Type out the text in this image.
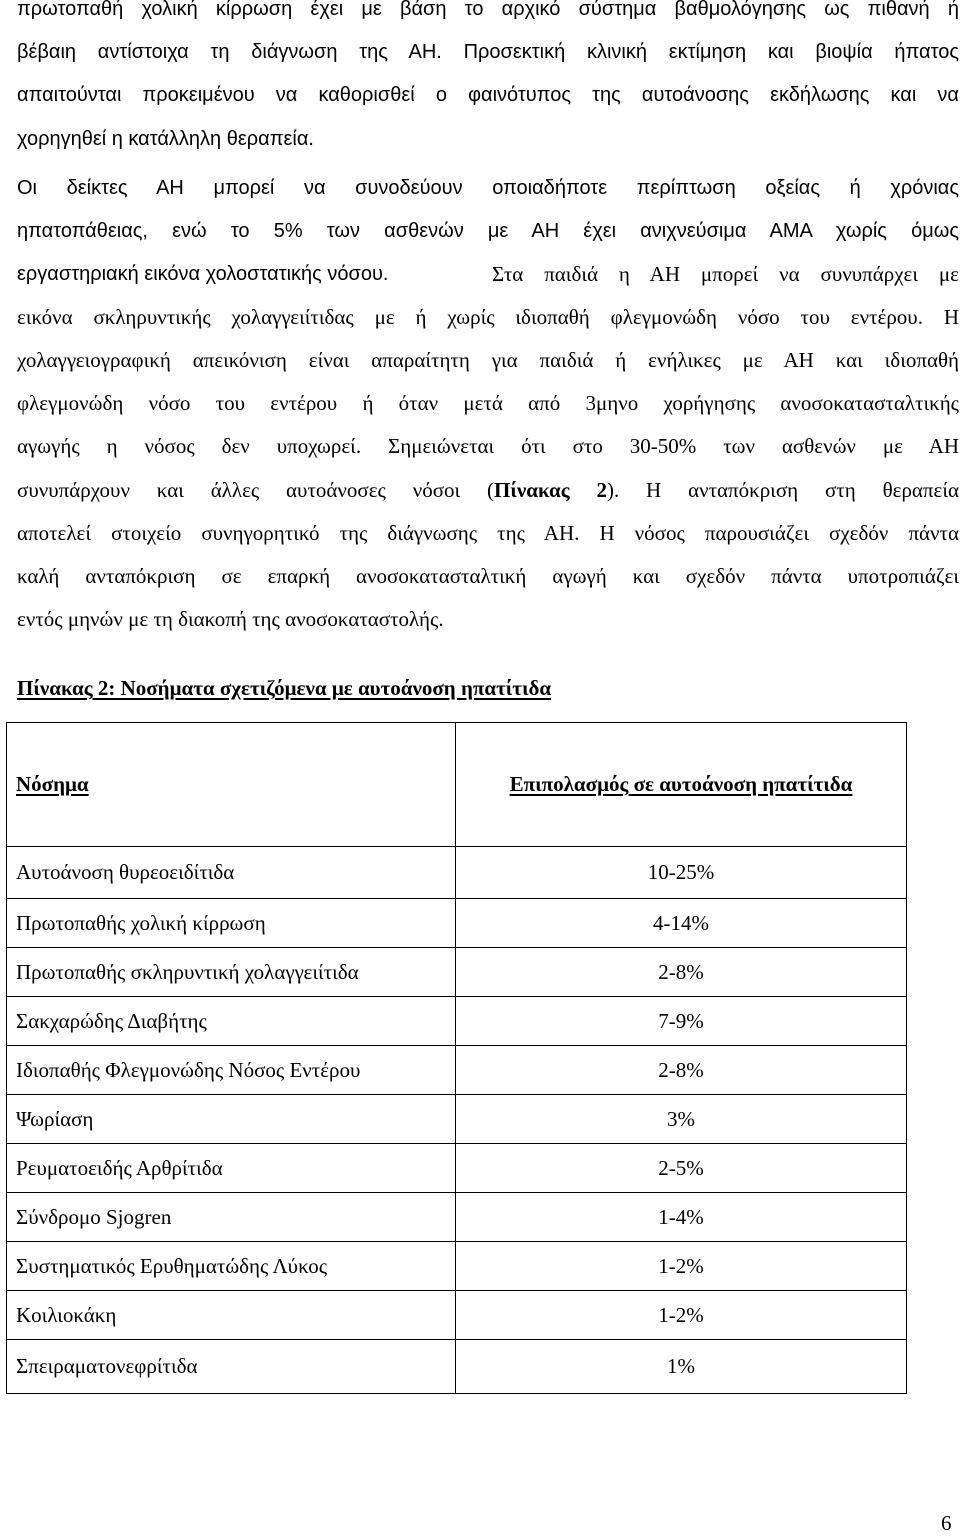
πρωτοπαθή χολική κίρρωση έχει με βάση το αρχικό σύστημα βαθμολόγησης ως πιθανή ή

βέβαιη αντίστοιχα τη διάγνωση της ΑΗ. Προσεκτική κλινική εκτίμηση και βιοψία ήπατος

απαιτούνται προκειμένου να καθορισθεί ο φαινότυπος της αυτοάνοσης εκδήλωσης και να

χορηγηθεί η κατάλληλη θεραπεία.

Οι δείκτες ΑΗ μπορεί να συνοδεύουν οποιαδήποτε περίπτωση οξείας ή χρόνιας

ηπατοπάθειας, ενώ το 5% των ασθενών με ΑΗ έχει ανιχνεύσιμα ΑΜΑ χωρίς όμως

εργαστηριακή εικόνα χολοστατικής νόσου.	Στα παιδιά η ΑΗ μπορεί να συνυπάρχει με

εικόνα σκληρυντικής χολαγγειίτιδας με ή χωρίς ιδιοπαθή φλεγμονώδη νόσο του εντέρου. Η

χολαγγειογραφική απεικόνιση είναι απαραίτητη για παιδιά ή ενήλικες με ΑΗ και ιδιοπαθή

φλεγμονώδη νόσο του εντέρου ή όταν μετά από 3μηνο χορήγησης ανοσοκατασταλτικής

αγωγής η νόσος δεν υποχωρεί. Σημειώνεται ότι στο 30-50% των ασθενών με ΑΗ

συνυπάρχουν και άλλες αυτοάνοσες νόσοι (Πίνακας 2). Η ανταπόκριση στη θεραπεία

αποτελεί στοιχείο συνηγορητικό της διάγνωσης της ΑΗ. Η νόσος παρουσιάζει σχεδόν πάντα

καλή ανταπόκριση σε επαρκή ανοσοκατασταλτική αγωγή και σχεδόν πάντα υποτροπιάζει

εντός μηνών με τη διακοπή της ανοσοκαταστολής.

Πίνακας 2: Νοσήματα σχετιζόμενα με αυτοάνοση ηπατίτιδα
Νόσημα	Επιπολασμός σε αυτοάνοση ηπατίτιδα
Αυτοάνοση θυρεοειδίτιδα	10-25%
Πρωτοπαθής χολική κίρρωση	4-14%
Πρωτοπαθής σκληρυντική χολαγγειίτιδα	2-8%
Σακχαρώδης Διαβήτης	7-9%
Ιδιοπαθής Φλεγμονώδης Νόσος Εντέρου	2-8%
Ψωρίαση	3%
Ρευματοειδής Αρθρίτιδα	2-5%
Σύνδρομο Sjogren	1-4%
Συστηματικός Ερυθηματώδης Λύκος	1-2%
Κοιλιοκάκη	1-2%
Σπειραματονεφρίτιδα	1%
6
